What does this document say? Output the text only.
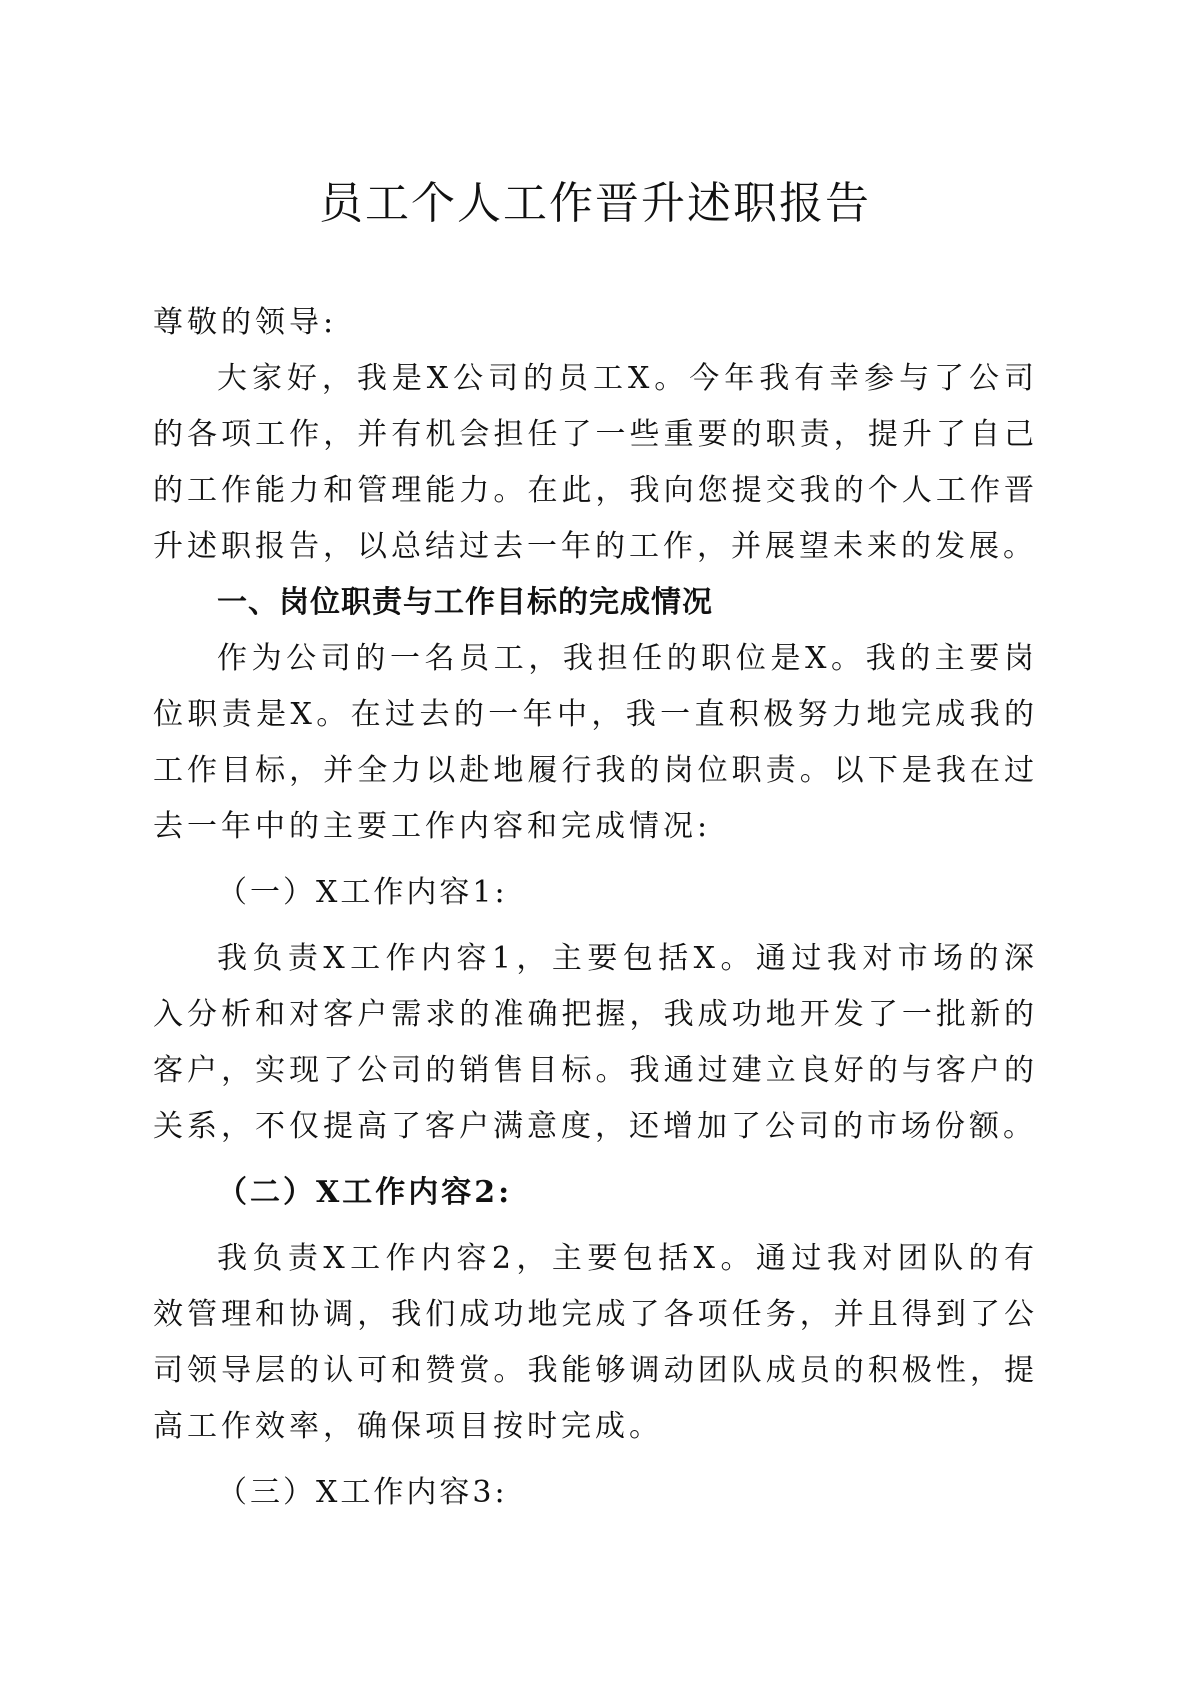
员工个人工作晋升述职报告

尊敬的领导:

大家好，我是X公司的员工X。今年我有幸参与了公司的各项工作，并有机会担任了一些重要的职责，提升了自己的工作能力和管理能力。在此，我向您提交我的个人工作晋升述职报告，以总结过去一年的工作，并展望未来的发展。

一、岗位职责与工作目标的完成情况

作为公司的一名员工，我担任的职位是X。我的主要岗位职责是X。在过去的一年中，我一直积极努力地完成我的工作目标，并全力以赴地履行我的岗位职责。以下是我在过去一年中的主要工作内容和完成情况:

（一）X工作内容1:

我负责X工作内容1，主要包括X。通过我对市场的深入分析和对客户需求的准确把握，我成功地开发了一批新的客户，实现了公司的销售目标。我通过建立良好的与客户的关系，不仅提高了客户满意度，还增加了公司的市场份额。

（二）X工作内容2:

我负责X工作内容2，主要包括X。通过我对团队的有效管理和协调，我们成功地完成了各项任务，并且得到了公司领导层的认可和赞赏。我能够调动团队成员的积极性，提高工作效率，确保项目按时完成。

（三）X工作内容3:
